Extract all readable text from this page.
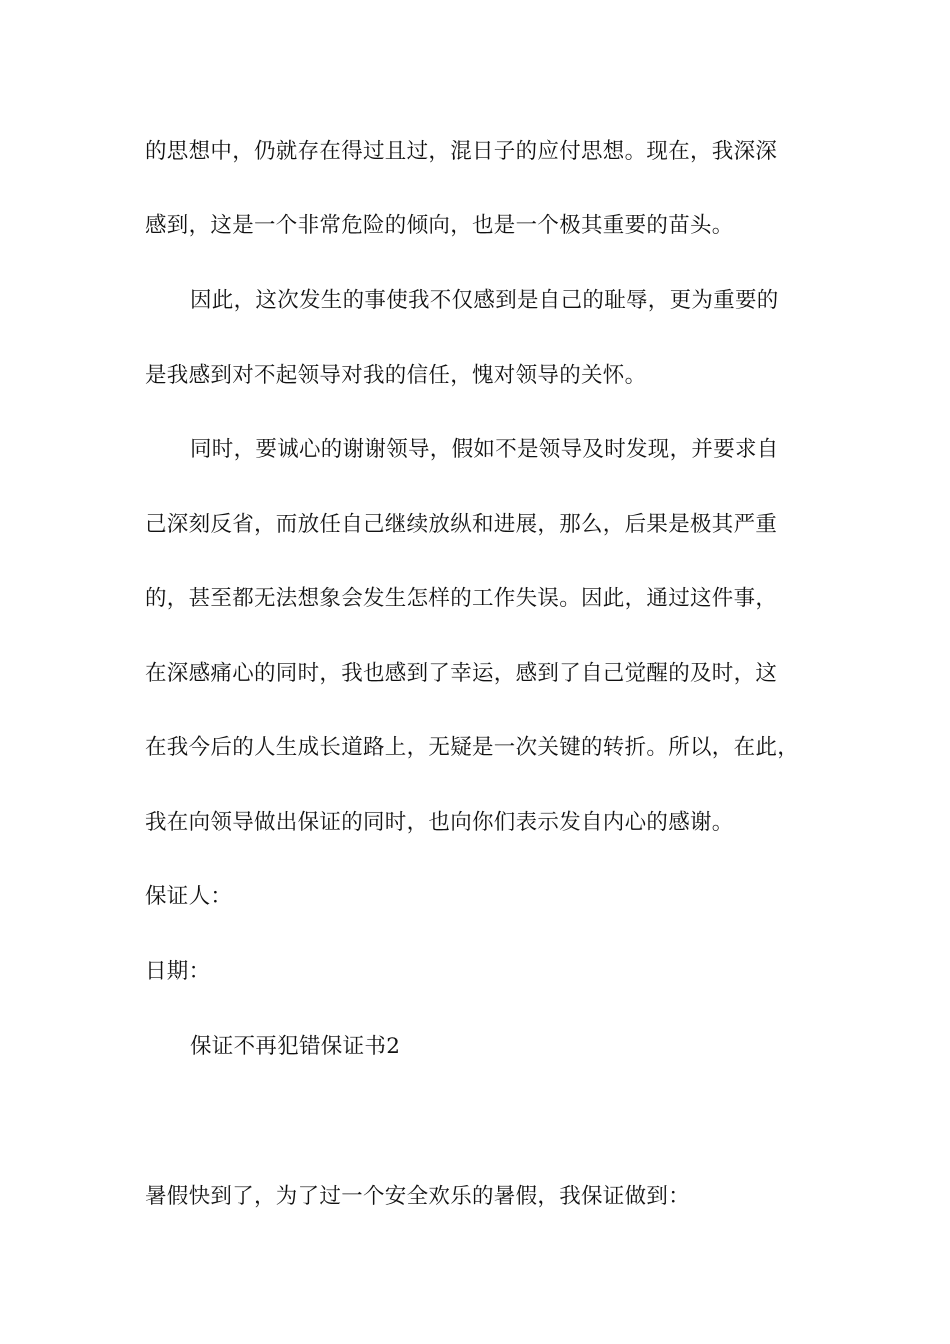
的思想中，仍就存在得过且过，混日子的应付思想。现在，我深深
感到，这是一个非常危险的倾向，也是一个极其重要的苗头。
因此，这次发生的事使我不仅感到是自己的耻辱，更为重要的
是我感到对不起领导对我的信任，愧对领导的关怀。
同时，要诚心的谢谢领导，假如不是领导及时发现，并要求自
己深刻反省，而放任自己继续放纵和进展，那么，后果是极其严重
的，甚至都无法想象会发生怎样的工作失误。因此，通过这件事，
在深感痛心的同时，我也感到了幸运，感到了自己觉醒的及时，这
在我今后的人生成长道路上，无疑是一次关键的转折。所以，在此，
我在向领导做出保证的同时，也向你们表示发自内心的感谢。
保证人：
日期：
保证不再犯错保证书2
暑假快到了，为了过一个安全欢乐的暑假，我保证做到：
